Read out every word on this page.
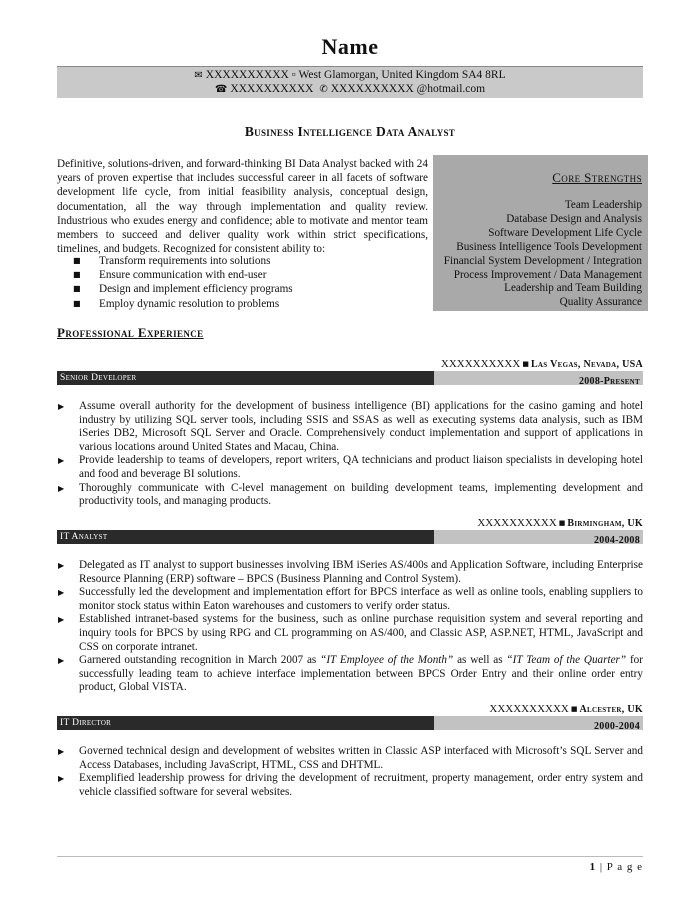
Name
✉ XXXXXXXXXX ▫ West Glamorgan, United Kingdom SA4 8RL
☎ XXXXXXXXXX ✆ XXXXXXXXXX @hotmail.com
Business Intelligence Data Analyst
Definitive, solutions-driven, and forward-thinking BI Data Analyst backed with 24 years of proven expertise that includes successful career in all facets of software development life cycle, from initial feasibility analysis, conceptual design, documentation, all the way through implementation and quality review. Industrious who exudes energy and confidence; able to motivate and mentor team members to succeed and deliver quality work within strict specifications, timelines, and budgets. Recognized for consistent ability to:
■ Transform requirements into solutions
■ Ensure communication with end-user
■ Design and implement efficiency programs
■ Employ dynamic resolution to problems
Core Strengths
Team Leadership
Database Design and Analysis
Software Development Life Cycle
Business Intelligence Tools Development
Financial System Development / Integration
Process Improvement / Data Management
Leadership and Team Building
Quality Assurance
Professional Experience
XXXXXXXXXX ■ Las Vegas, Nevada, USA
Senior Developer	2008-Present
▶ Assume overall authority for the development of business intelligence (BI) applications for the casino gaming and hotel industry by utilizing SQL server tools, including SSIS and SSAS as well as executing systems data analysis, such as IBM iSeries DB2, Microsoft SQL Server and Oracle. Comprehensively conduct implementation and support of applications in various locations around United States and Macau, China.
▶ Provide leadership to teams of developers, report writers, QA technicians and product liaison specialists in developing hotel and food and beverage BI solutions.
▶ Thoroughly communicate with C-level management on building development teams, implementing development and productivity tools, and managing products.
XXXXXXXXXX ■ Birmingham, UK
IT Analyst	2004-2008
▶ Delegated as IT analyst to support businesses involving IBM iSeries AS/400s and Application Software, including Enterprise Resource Planning (ERP) software – BPCS (Business Planning and Control System).
▶ Successfully led the development and implementation effort for BPCS interface as well as online tools, enabling suppliers to monitor stock status within Eaton warehouses and customers to verify order status.
▶ Established intranet-based systems for the business, such as online purchase requisition system and several reporting and inquiry tools for BPCS by using RPG and CL programming on AS/400, and Classic ASP, ASP.NET, HTML, JavaScript and CSS on corporate intranet.
▶ Garnered outstanding recognition in March 2007 as “IT Employee of the Month” as well as “IT Team of the Quarter” for successfully leading team to achieve interface implementation between BPCS Order Entry and their online order entry product, Global VISTA.
XXXXXXXXXX ■ Alcester, UK
IT Director	2000-2004
▶ Governed technical design and development of websites written in Classic ASP interfaced with Microsoft’s SQL Server and Access Databases, including JavaScript, HTML, CSS and DHTML.
▶ Exemplified leadership prowess for driving the development of recruitment, property management, order entry system and vehicle classified software for several websites.
1 | P a g e
